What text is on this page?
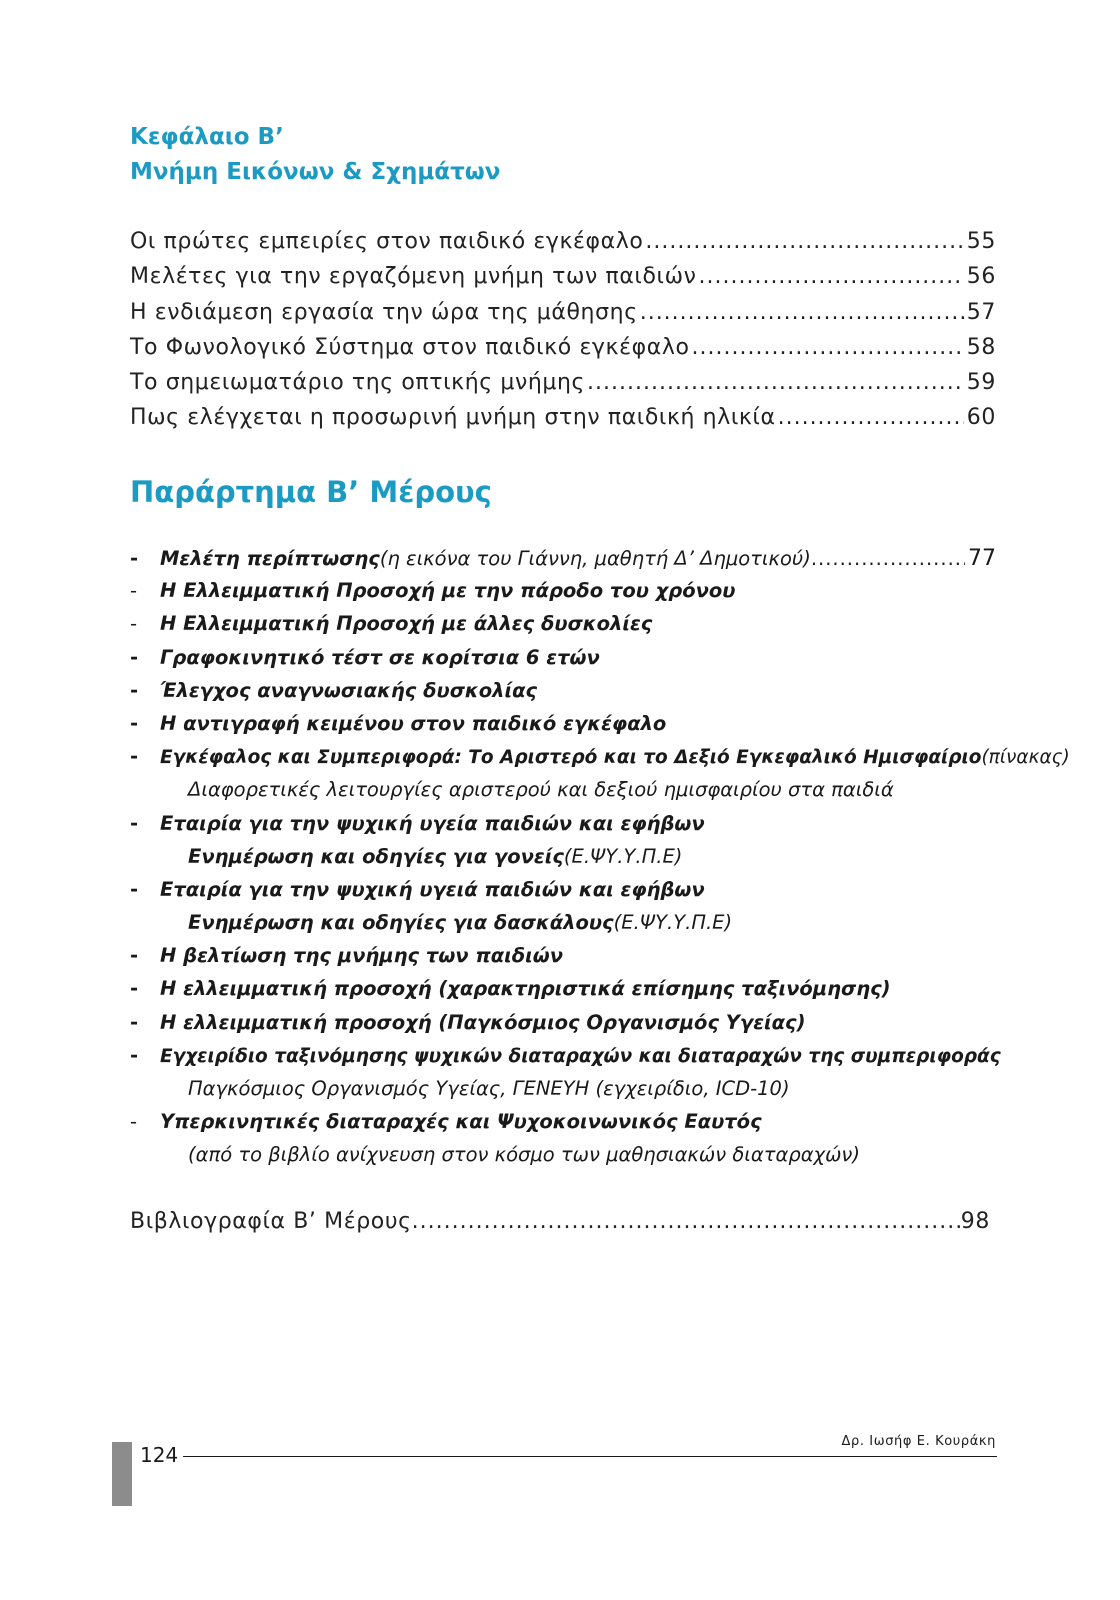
Κεφάλαιο Β’
Μνήμη Εικόνων & Σχημάτων
Οι πρώτες εμπειρίες στον παιδικό εγκέφαλο .....	55
Μελέτες για την εργαζόμενη μνήμη των παιδιών .....	56
Η ενδιάμεση εργασία την ώρα της μάθησης .....	57
Το Φωνολογικό Σύστημα στον παιδικό εγκέφαλο .....	58
Το σημειωματάριο της οπτικής μνήμης .....	59
Πως ελέγχεται η προσωρινή μνήμη στην παιδική ηλικία .....	60
Παράρτημα Β’ Μέρους
-	Μελέτη περίπτωσης (η εικόνα του Γιάννη, μαθητή Δ’ Δημοτικού) .....	77
-	Η Ελλειμματική Προσοχή με την πάροδο του χρόνου
-	Η Ελλειμματική Προσοχή με άλλες δυσκολίες
-	Γραφοκινητικό τέστ σε κορίτσια 6 ετών
-	Έλεγχος αναγνωσιακής δυσκολίας
-	Η αντιγραφή κειμένου στον παιδικό εγκέφαλο
-	Εγκέφαλος και Συμπεριφορά: Το Αριστερό και το Δεξιό Εγκεφαλικό Ημισφαίριο (πίνακας)
Διαφορετικές λειτουργίες αριστερού και δεξιού ημισφαιρίου στα παιδιά
-	Εταιρία για την ψυχική υγεία παιδιών και εφήβων
Ενημέρωση και οδηγίες για γονείς (Ε.ΨΥ.Υ.Π.Ε)
-	Εταιρία για την ψυχική υγειά παιδιών και εφήβων
Ενημέρωση και οδηγίες για δασκάλους (Ε.ΨΥ.Υ.Π.Ε)
-	Η βελτίωση της μνήμης των παιδιών
-	Η ελλειμματική προσοχή (χαρακτηριστικά επίσημης ταξινόμησης)
-	Η ελλειμματική προσοχή (Παγκόσμιος Οργανισμός Υγείας)
-	Εγχειρίδιο ταξινόμησης ψυχικών διαταραχών και διαταραχών της συμπεριφοράς
Παγκόσμιος Οργανισμός Υγείας, ΓΕΝΕΥΗ (εγχειρίδιο, ICD-10)
-	Υπερκινητικές διαταραχές και Ψυχοκοινωνικός Εαυτός
(από το βιβλίο ανίχνευση στον κόσμο των μαθησιακών διαταραχών)
Βιβλιογραφία Β’ Μέρους .....	98
124
Δρ. Ιωσήφ Ε. Κουράκη
